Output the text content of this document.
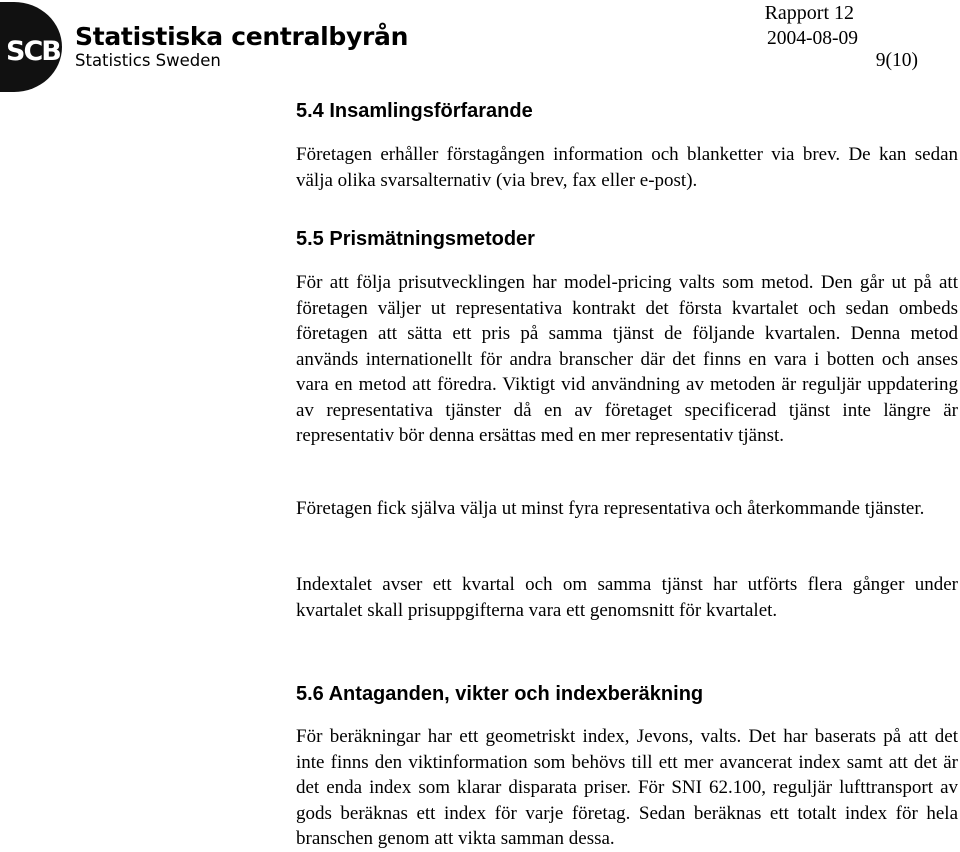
SCB Statistiska centralbyrån
Statistics Sweden
Rapport 12
2004-08-09
9(10)
5.4 Insamlingsförfarande

Företagen erhåller förstagången information och blanketter via brev. De kan sedan välja olika svarsalternativ (via brev, fax eller e-post).

5.5 Prismätningsmetoder

För att följa prisutvecklingen har model-pricing valts som metod. Den går ut på att företagen väljer ut representativa kontrakt det första kvartalet och sedan ombeds företagen att sätta ett pris på samma tjänst de följande kvartalen. Denna metod används internationellt för andra branscher där det finns en vara i botten och anses vara en metod att föredra. Viktigt vid användning av metoden är reguljär uppdatering av representativa tjänster då en av företaget specificerad tjänst inte längre är representativ bör denna ersättas med en mer representativ tjänst.

Företagen fick själva välja ut minst fyra representativa och återkommande tjänster.

Indextalet avser ett kvartal och om samma tjänst har utförts flera gånger under kvartalet skall prisuppgifterna vara ett genomsnitt för kvartalet.

5.6 Antaganden, vikter och indexberäkning

För beräkningar har ett geometriskt index, Jevons, valts. Det har baserats på att det inte finns den viktinformation som behövs till ett mer avancerat index samt att det är det enda index som klarar disparata priser. För SNI 62.100, reguljär lufttransport av gods beräknas ett index för varje företag. Sedan beräknas ett totalt index för hela branschen genom att vikta samman dessa.
